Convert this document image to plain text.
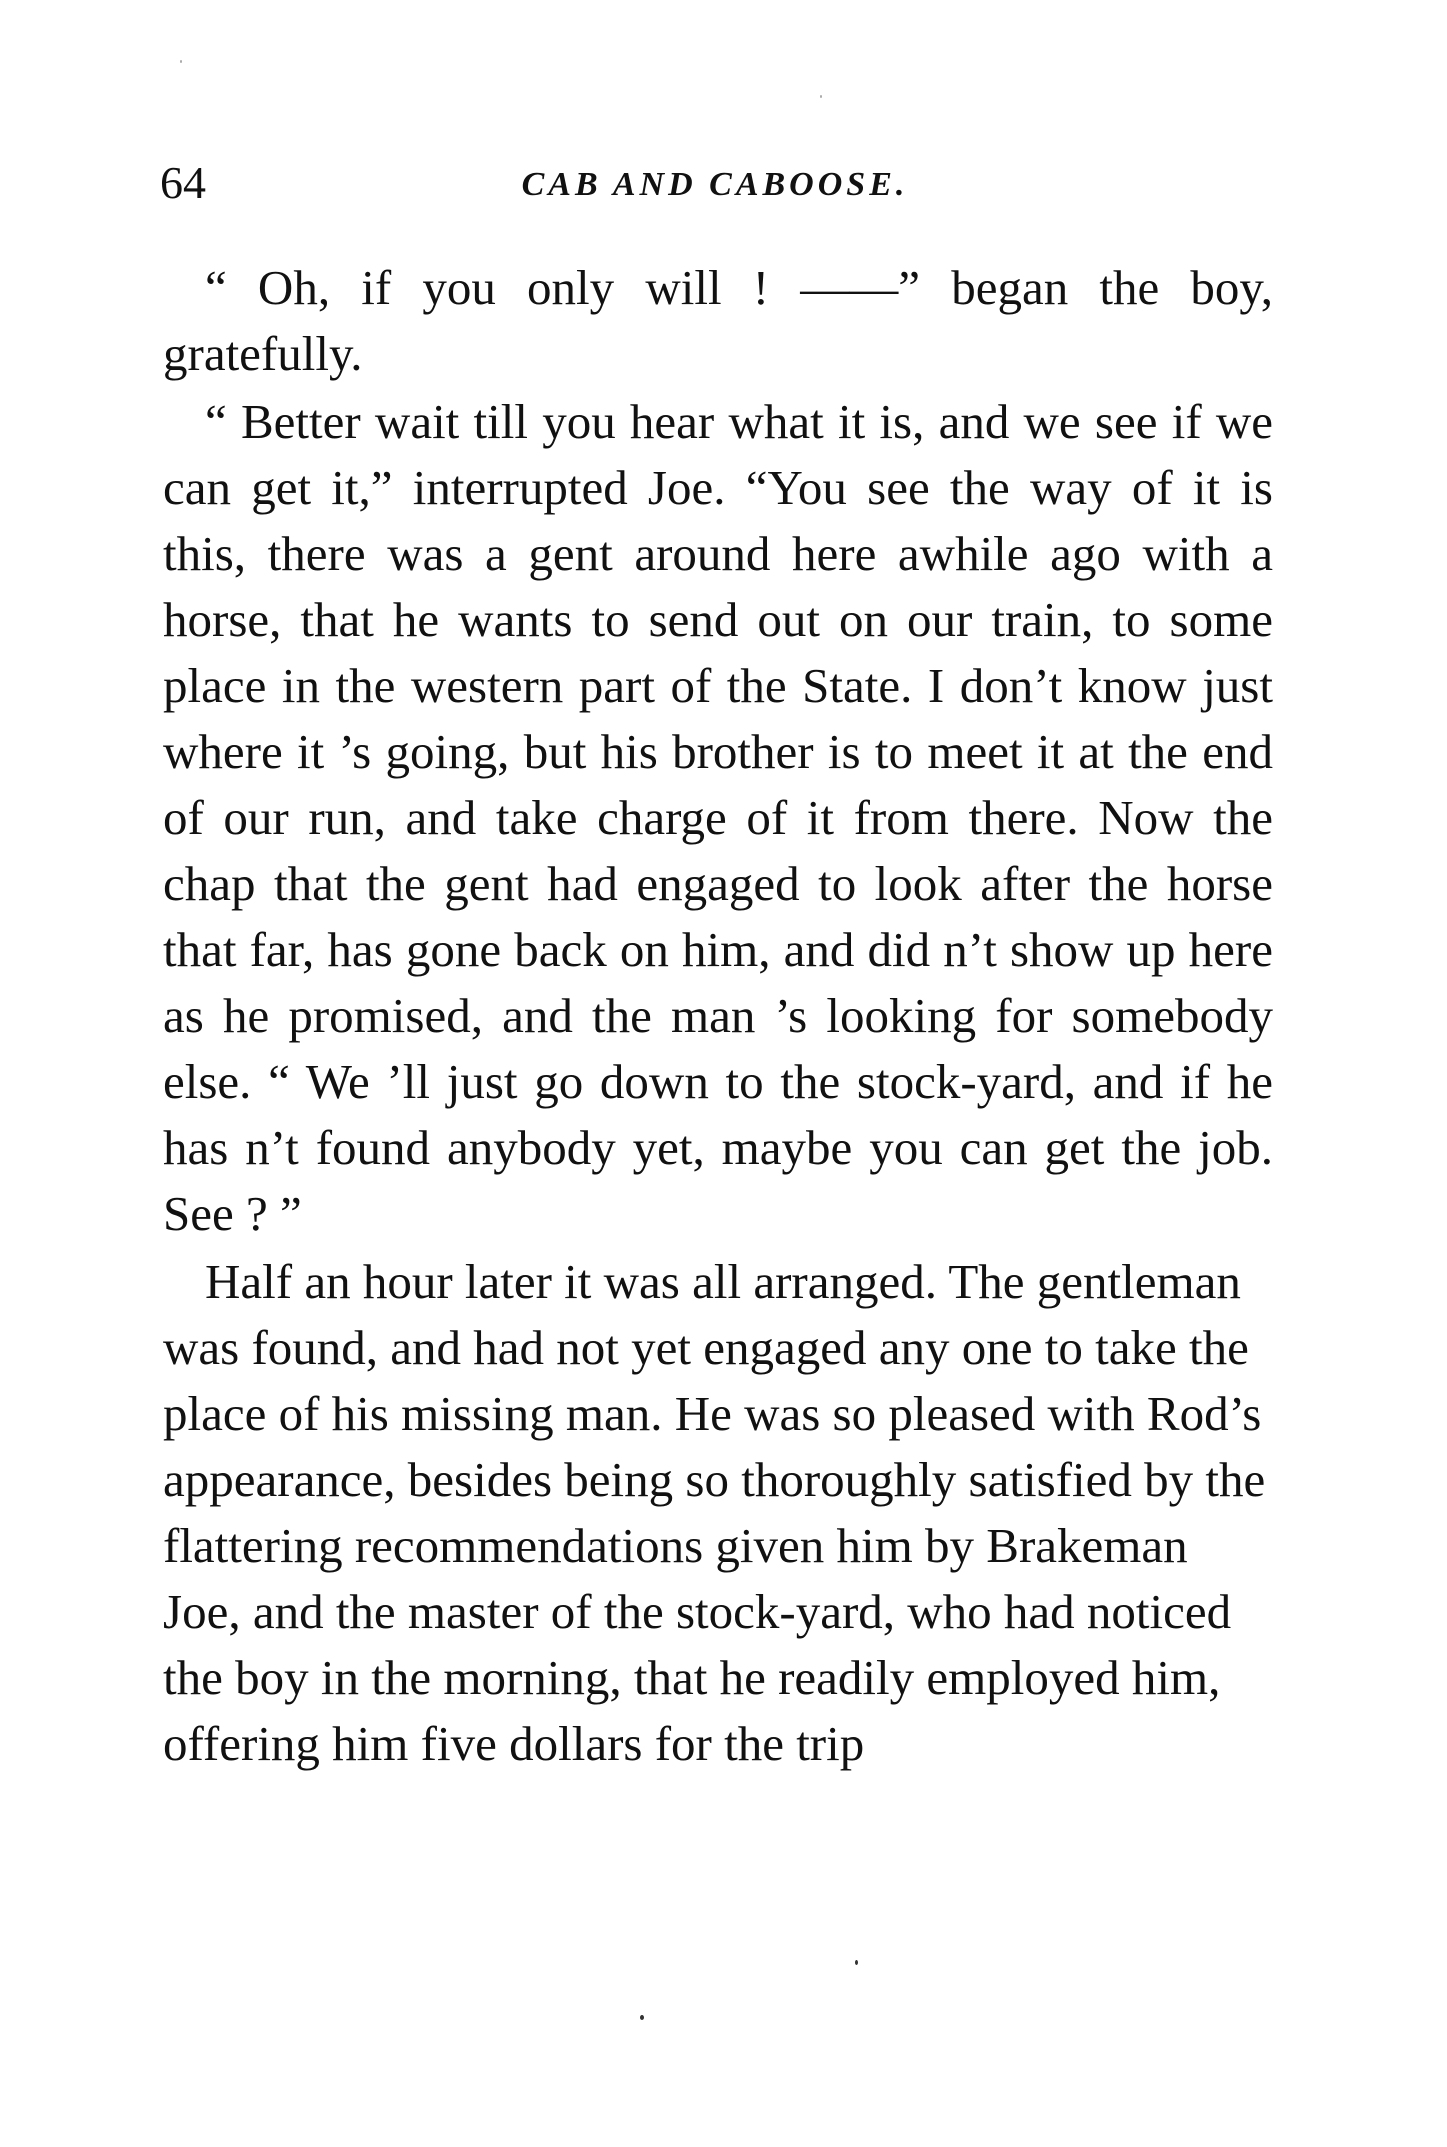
64	CAB AND CABOOSE.

“ Oh, if you only will ! ——” began the boy, gratefully.

“ Better wait till you hear what it is, and we see if we can get it,” interrupted Joe. “You see the way of it is this, there was a gent around here awhile ago with a horse, that he wants to send out on our train, to some place in the western part of the State. I don’t know just where it ’s going, but his brother is to meet it at the end of our run, and take charge of it from there. Now the chap that the gent had engaged to look after the horse that far, has gone back on him, and did n’t show up here as he promised, and the man ’s looking for somebody else. “ We ’ll just go down to the stock-yard, and if he has n’t found anybody yet, maybe you can get the job. See ? ”

Half an hour later it was all arranged. The gentleman was found, and had not yet engaged any one to take the place of his missing man. He was so pleased with Rod’s appearance, besides being so thoroughly satisfied by the flattering recommendations given him by Brakeman Joe, and the master of the stock-yard, who had noticed the boy in the morning, that he readily employed him, offering him five dollars for the trip
